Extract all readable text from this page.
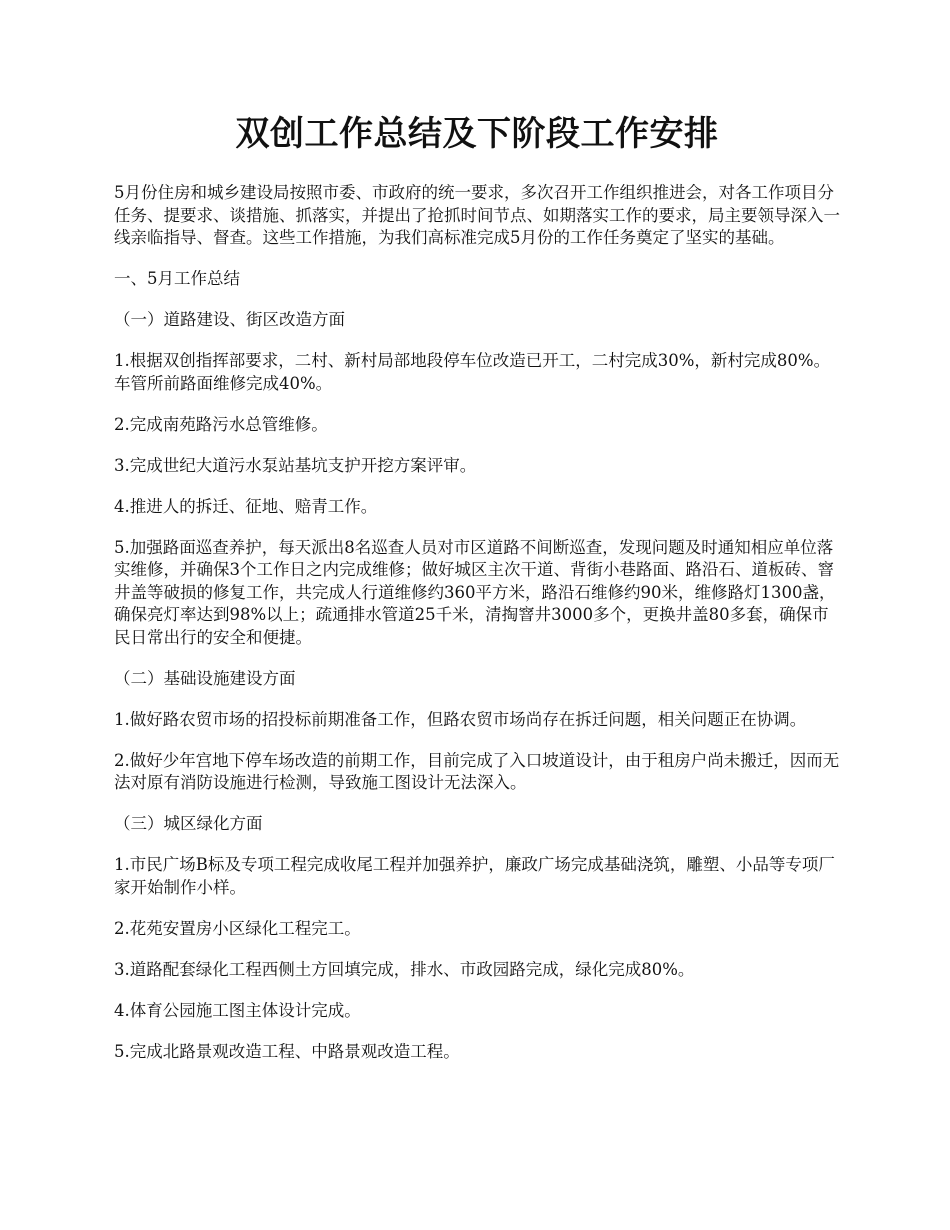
双创工作总结及下阶段工作安排

5月份住房和城乡建设局按照市委、市政府的统一要求，多次召开工作组织推进会，对各工作项目分任务、提要求、谈措施、抓落实，并提出了抢抓时间节点、如期落实工作的要求，局主要领导深入一线亲临指导、督查。这些工作措施，为我们高标准完成5月份的工作任务奠定了坚实的基础。

一、5月工作总结

（一）道路建设、街区改造方面

1.根据双创指挥部要求，二村、新村局部地段停车位改造已开工，二村完成30%，新村完成80%。车管所前路面维修完成40%。

2.完成南苑路污水总管维修。

3.完成世纪大道污水泵站基坑支护开挖方案评审。

4.推进人的拆迁、征地、赔青工作。

5.加强路面巡查养护，每天派出8名巡查人员对市区道路不间断巡查，发现问题及时通知相应单位落实维修，并确保3个工作日之内完成维修；做好城区主次干道、背街小巷路面、路沿石、道板砖、窨井盖等破损的修复工作，共完成人行道维修约360平方米，路沿石维修约90米，维修路灯1300盏，确保亮灯率达到98%以上；疏通排水管道25千米，清掏窨井3000多个，更换井盖80多套，确保市民日常出行的安全和便捷。

（二）基础设施建设方面

1.做好路农贸市场的招投标前期准备工作，但路农贸市场尚存在拆迁问题，相关问题正在协调。

2.做好少年宫地下停车场改造的前期工作，目前完成了入口坡道设计，由于租房户尚未搬迁，因而无法对原有消防设施进行检测，导致施工图设计无法深入。

（三）城区绿化方面

1.市民广场B标及专项工程完成收尾工程并加强养护，廉政广场完成基础浇筑，雕塑、小品等专项厂家开始制作小样。

2.花苑安置房小区绿化工程完工。

3.道路配套绿化工程西侧土方回填完成，排水、市政园路完成，绿化完成80%。

4.体育公园施工图主体设计完成。

5.完成北路景观改造工程、中路景观改造工程。
